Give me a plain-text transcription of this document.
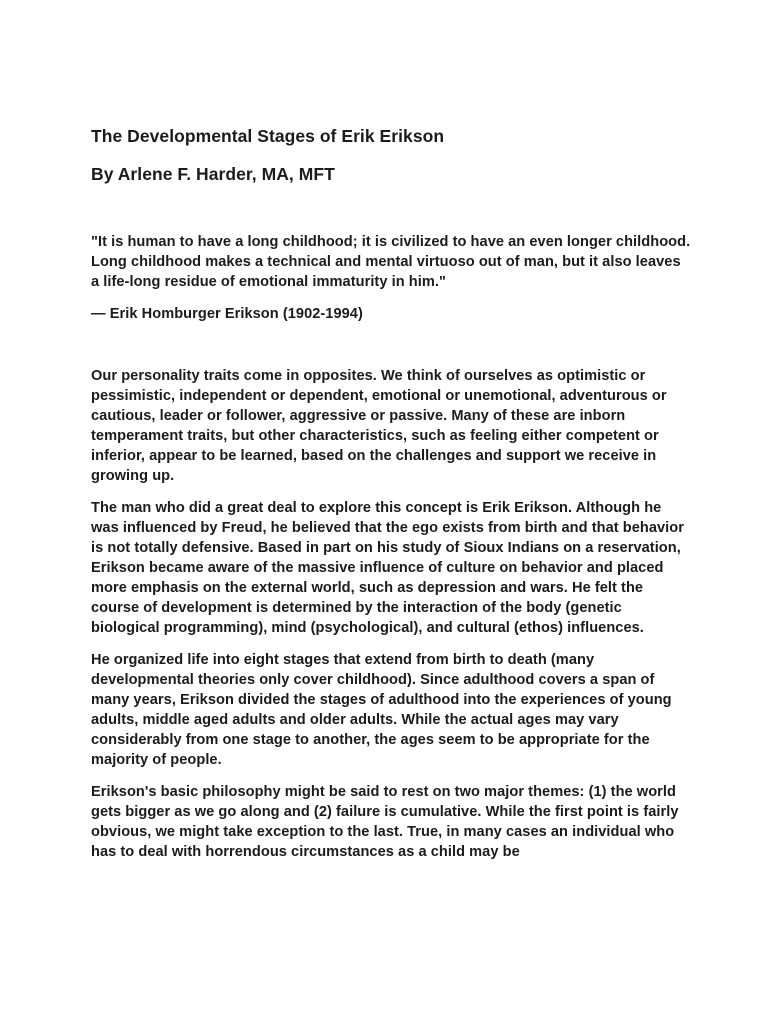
The Developmental Stages of Erik Erikson
By Arlene F. Harder, MA, MFT

"It is human to have a long childhood; it is civilized to have an even longer childhood. Long childhood makes a technical and mental virtuoso out of man, but it also leaves a life-long residue of emotional immaturity in him."

— Erik Homburger Erikson (1902-1994)

Our personality traits come in opposites. We think of ourselves as optimistic or pessimistic, independent or dependent, emotional or unemotional, adventurous or cautious, leader or follower, aggressive or passive. Many of these are inborn temperament traits, but other characteristics, such as feeling either competent or inferior, appear to be learned, based on the challenges and support we receive in growing up.

The man who did a great deal to explore this concept is Erik Erikson. Although he was influenced by Freud, he believed that the ego exists from birth and that behavior is not totally defensive. Based in part on his study of Sioux Indians on a reservation, Erikson became aware of the massive influence of culture on behavior and placed more emphasis on the external world, such as depression and wars. He felt the course of development is determined by the interaction of the body (genetic biological programming), mind (psychological), and cultural (ethos) influences.

He organized life into eight stages that extend from birth to death (many developmental theories only cover childhood). Since adulthood covers a span of many years, Erikson divided the stages of adulthood into the experiences of young adults, middle aged adults and older adults. While the actual ages may vary considerably from one stage to another, the ages seem to be appropriate for the majority of people.

Erikson's basic philosophy might be said to rest on two major themes: (1) the world gets bigger as we go along and (2) failure is cumulative. While the first point is fairly obvious, we might take exception to the last. True, in many cases an individual who has to deal with horrendous circumstances as a child may be
